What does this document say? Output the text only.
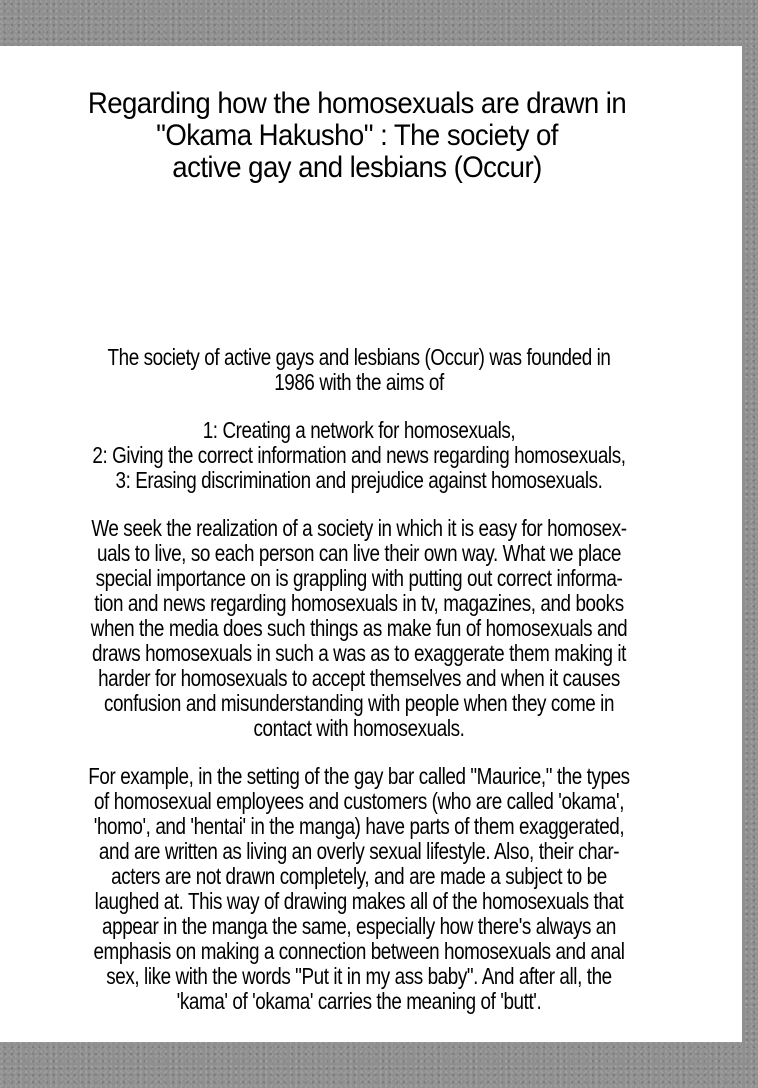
Regarding how the homosexuals are drawn in
"Okama Hakusho" : The society of
active gay and lesbians (Occur)
The society of active gays and lesbians (Occur) was founded in
1986 with the aims of
1: Creating a network for homosexuals,
2: Giving the correct information and news regarding homosexuals,
3: Erasing discrimination and prejudice against homosexuals.
We seek the realization of a society in which it is easy for homosex-
uals to live, so each person can live their own way. What we place
special importance on is grappling with putting out correct informa-
tion and news regarding homosexuals in tv, magazines, and books
when the media does such things as make fun of homosexuals and
draws homosexuals in such a was as to exaggerate them making it
harder for homosexuals to accept themselves and when it causes
confusion and misunderstanding with people when they come in
contact with homosexuals.
For example, in the setting of the gay bar called "Maurice," the types
of homosexual employees and customers (who are called 'okama',
'homo', and 'hentai' in the manga) have parts of them exaggerated,
and are written as living an overly sexual lifestyle. Also, their char-
acters are not drawn completely, and are made a subject to be
laughed at. This way of drawing makes all of the homosexuals that
appear in the manga the same, especially how there's always an
emphasis on making a connection between homosexuals and anal
sex, like with the words "Put it in my ass baby". And after all, the
'kama' of 'okama' carries the meaning of 'butt'.
